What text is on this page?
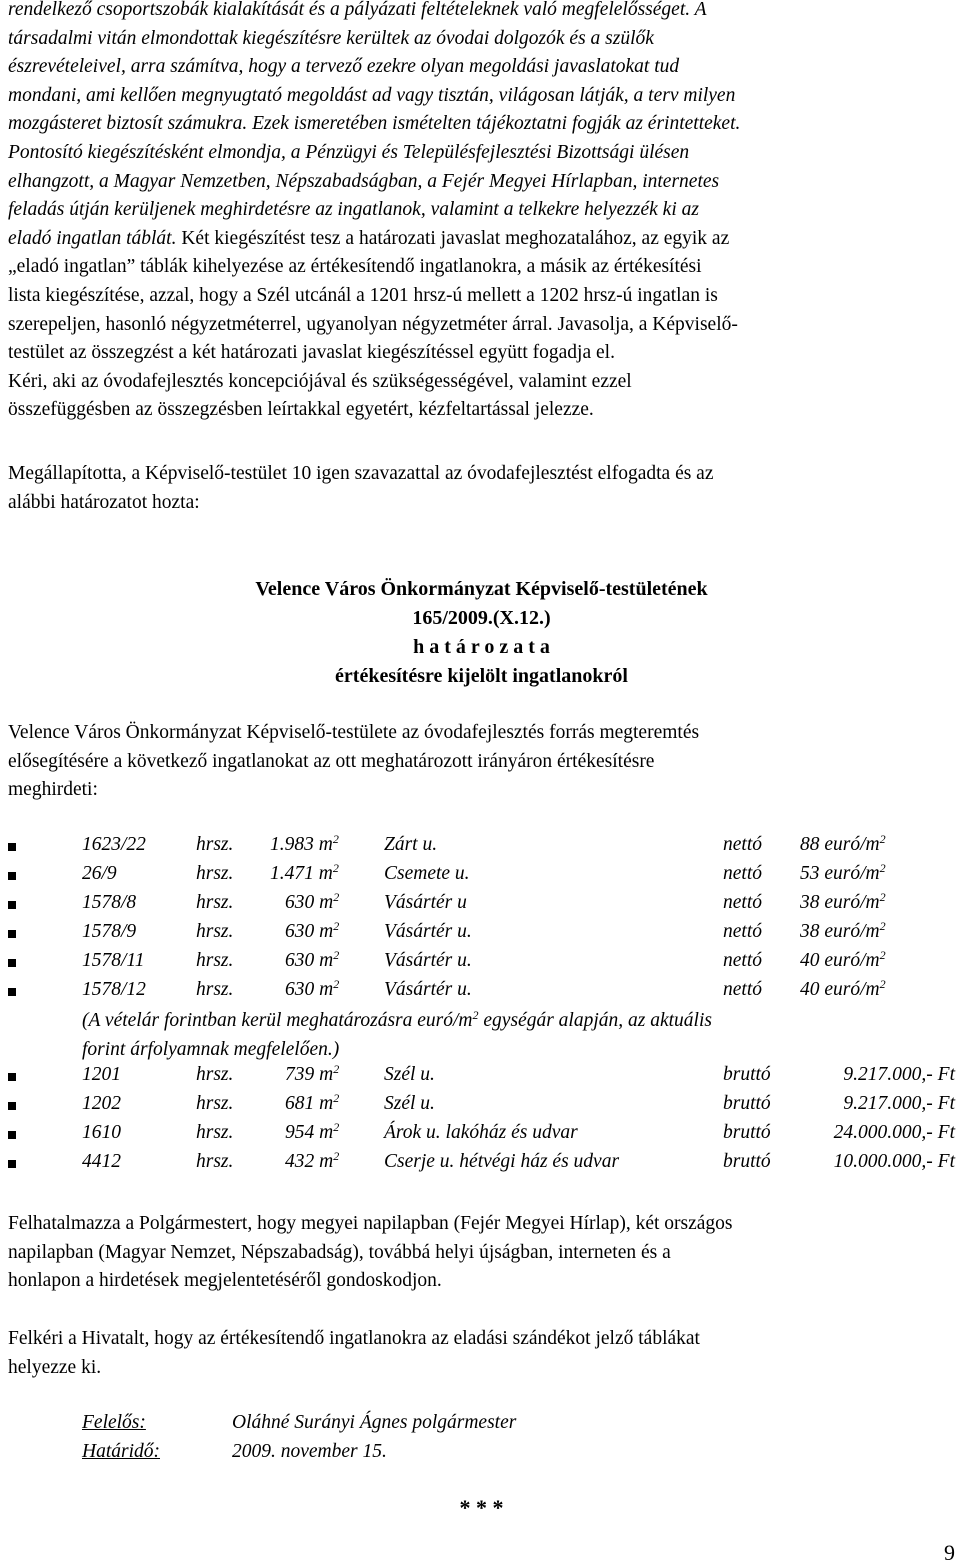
rendelkező csoportszobák kialakítását és a pályázati feltételeknek való megfelelősséget. A
társadalmi vitán elmondottak kiegészítésre kerültek az óvodai dolgozók és a szülők
észrevételeivel, arra számítva, hogy a tervező ezekre olyan megoldási javaslatokat tud
mondani, ami kellően megnyugtató megoldást ad vagy tisztán, világosan látják, a terv milyen
mozgásteret biztosít számukra. Ezek ismeretében ismételten tájékoztatni fogják az érintetteket.
Pontosító kiegészítésként elmondja, a Pénzügyi és Településfejlesztési Bizottsági ülésen
elhangzott, a Magyar Nemzetben, Népszabadságban, a Fejér Megyei Hírlapban, internetes
feladás útján kerüljenek meghirdetésre az ingatlanok, valamint a telkekre helyezzék ki az
eladó ingatlan táblát. Két kiegészítést tesz a határozati javaslat meghozatalához, az egyik az
„eladó ingatlan” táblák kihelyezése az értékesítendő ingatlanokra, a másik az értékesítési
lista kiegészítése, azzal, hogy a Szél utcánál a 1201 hrsz-ú mellett a 1202 hrsz-ú ingatlan is
szerepeljen, hasonló négyzetméterrel, ugyanolyan négyzetméter árral. Javasolja, a Képviselő-
testület az összegzést a két határozati javaslat kiegészítéssel együtt fogadja el.
Kéri, aki az óvodafejlesztés koncepciójával és szükségességével, valamint ezzel
összefüggésben az összegzésben leírtakkal egyetért, kézfeltartással jelezze.
Megállapította, a Képviselő-testület 10 igen szavazattal az óvodafejlesztést elfogadta és az
alábbi határozatot hozta:
Velence Város Önkormányzat Képviselő-testületének
165/2009.(X.12.)
h a t á r o z a t a
értékesítésre kijelölt ingatlanokról
Velence Város Önkormányzat Képviselő-testülete az óvodafejlesztés forrás megteremtés
elősegítésére a következő ingatlanokat az ott meghatározott irányáron értékesítésre
meghirdeti:
1623/22	hrsz. 1.983 $m^2$ Zárt u.	nettó 88 euró/$m^2$
26/9	hrsz. 1.471 $m^2$ Csemete u.	nettó 53 euró/$m^2$
1578/8	hrsz.	630 $m^2$ Vásártér u	nettó 38 euró/$m^2$
1578/9	hrsz.	630 $m^2$ Vásártér u.	nettó 38 euró/$m^2$
1578/11	hrsz.	630 $m^2$ Vásártér u.	nettó 40 euró/$m^2$
1578/12	hrsz.	630 $m^2$ Vásártér u.	nettó 40 euró/$m^2$
(A vételár forintban kerül meghatározásra euró/$m^2$ egységár alapján, az aktuális
forint árfolyamnak megfelelően.)
1201	hrsz.	739 $m^2$ Szél u.	bruttó	9.217.000,- Ft
1202	hrsz.	681 $m^2$ Szél u.	bruttó	9.217.000,- Ft
1610	hrsz.	954 $m^2$ Árok u. lakóház és udvar	bruttó	24.000.000,- Ft
4412	hrsz.	432 $m^2$ Cserje u. hétvégi ház és udvar	bruttó	10.000.000,- Ft
Felhatalmazza a Polgármestert, hogy megyei napilapban (Fejér Megyei Hírlap), két országos
napilapban (Magyar Nemzet, Népszabadság), továbbá helyi újságban, interneten és a
honlapon a hirdetések megjelentetéséről gondoskodjon.
Felkéri a Hivatalt, hogy az értékesítendő ingatlanokra az eladási szándékot jelző táblákat
helyezze ki.
Felelős:	Oláhné Surányi Ágnes polgármester
Határidő:	2009. november 15.
* * *
9
